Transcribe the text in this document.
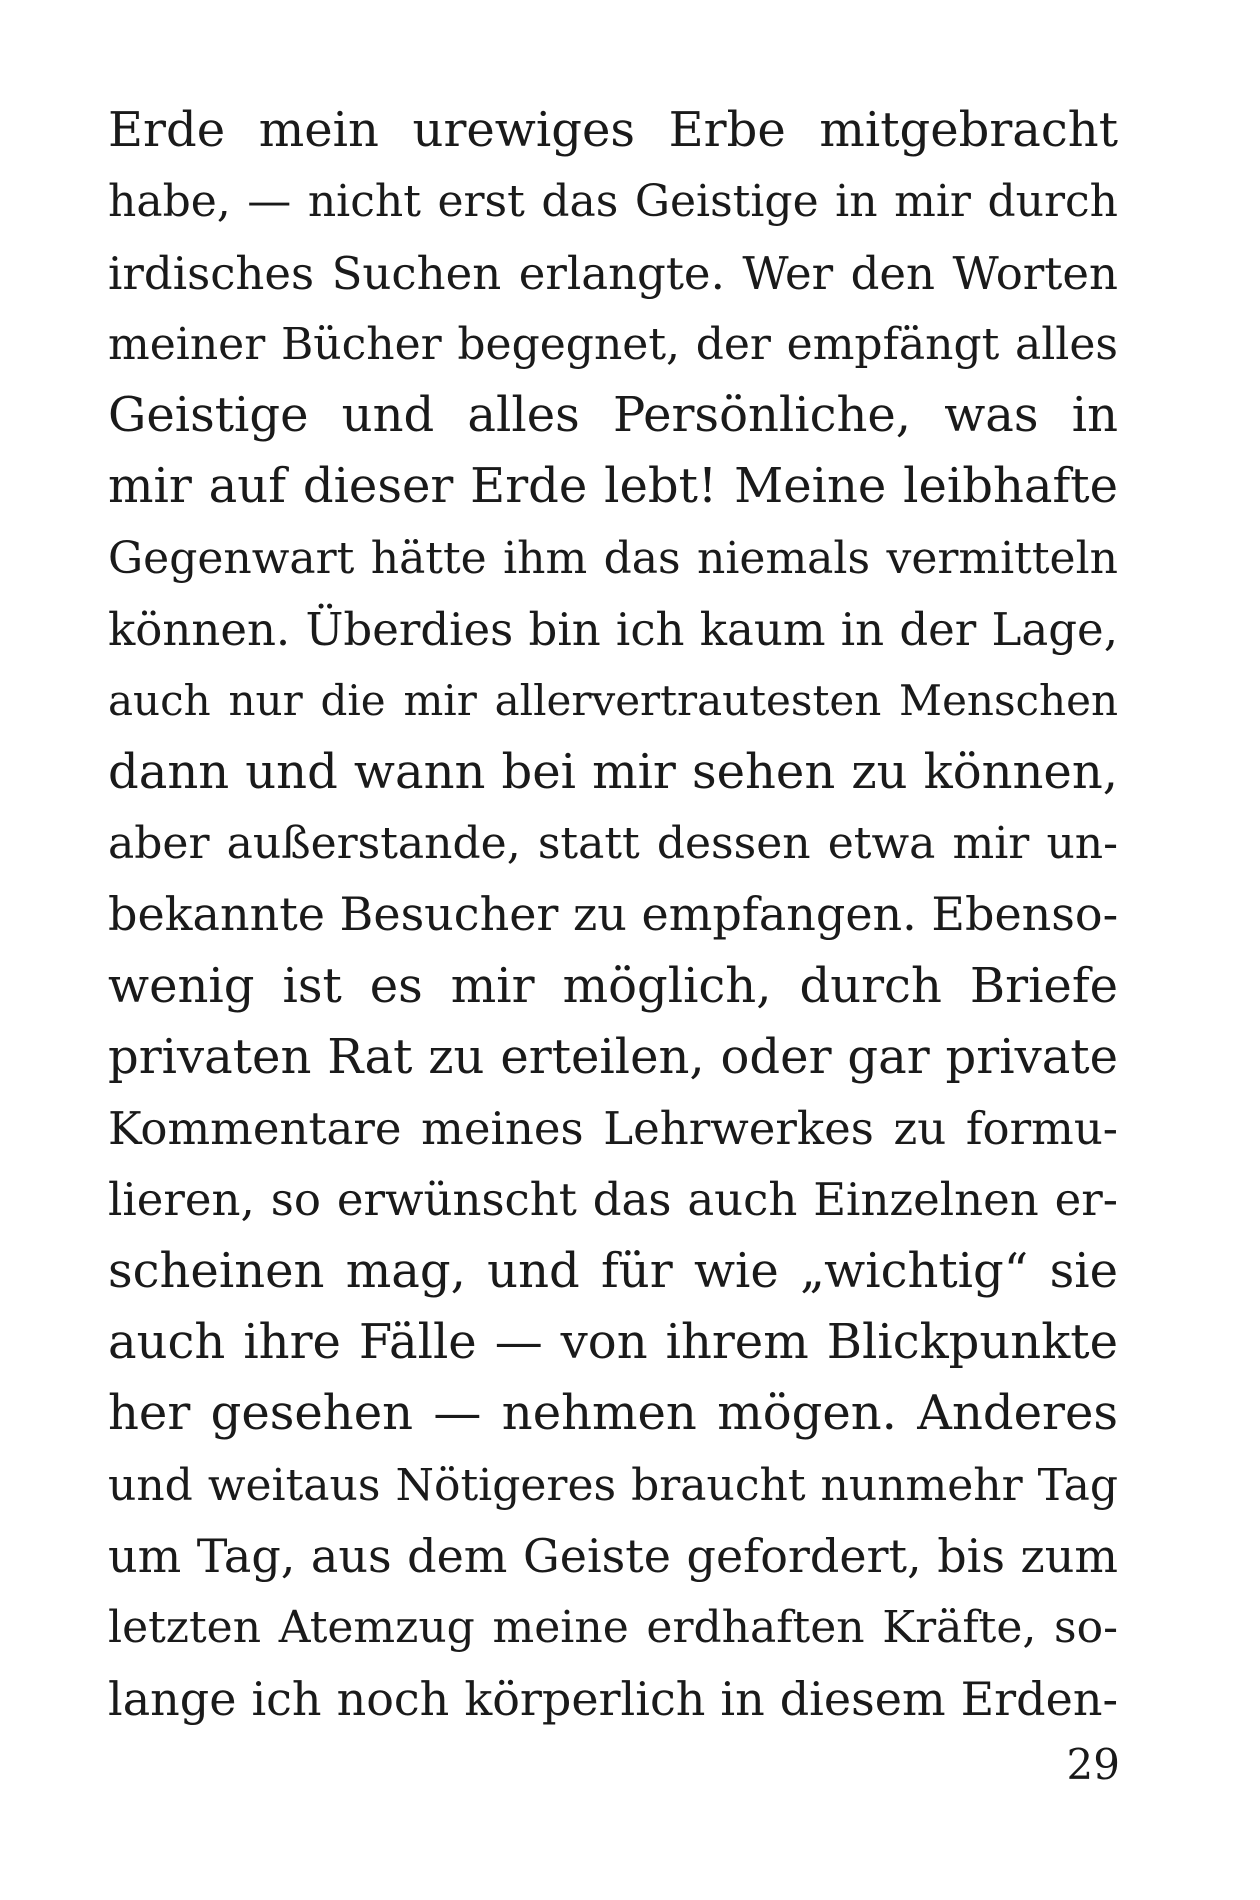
Erde mein urewiges Erbe mitgebracht
habe, — nicht erst das Geistige in mir durch
irdisches Suchen erlangte. Wer den Worten
meiner Bücher begegnet, der empfängt alles
Geistige und alles Persönliche, was in
mir auf dieser Erde lebt! Meine leibhafte
Gegenwart hätte ihm das niemals vermitteln
können. Überdies bin ich kaum in der Lage,
auch nur die mir allervertrautesten Menschen
dann und wann bei mir sehen zu können,
aber außerstande, statt dessen etwa mir un-
bekannte Besucher zu empfangen. Ebenso-
wenig ist es mir möglich, durch Briefe
privaten Rat zu erteilen, oder gar private
Kommentare meines Lehrwerkes zu formu-
lieren, so erwünscht das auch Einzelnen er-
scheinen mag, und für wie „wichtig“ sie
auch ihre Fälle — von ihrem Blickpunkte
her gesehen — nehmen mögen. Anderes
und weitaus Nötigeres braucht nunmehr Tag
um Tag, aus dem Geiste gefordert, bis zum
letzten Atemzug meine erdhaften Kräfte, so-
lange ich noch körperlich in diesem Erden-
29
